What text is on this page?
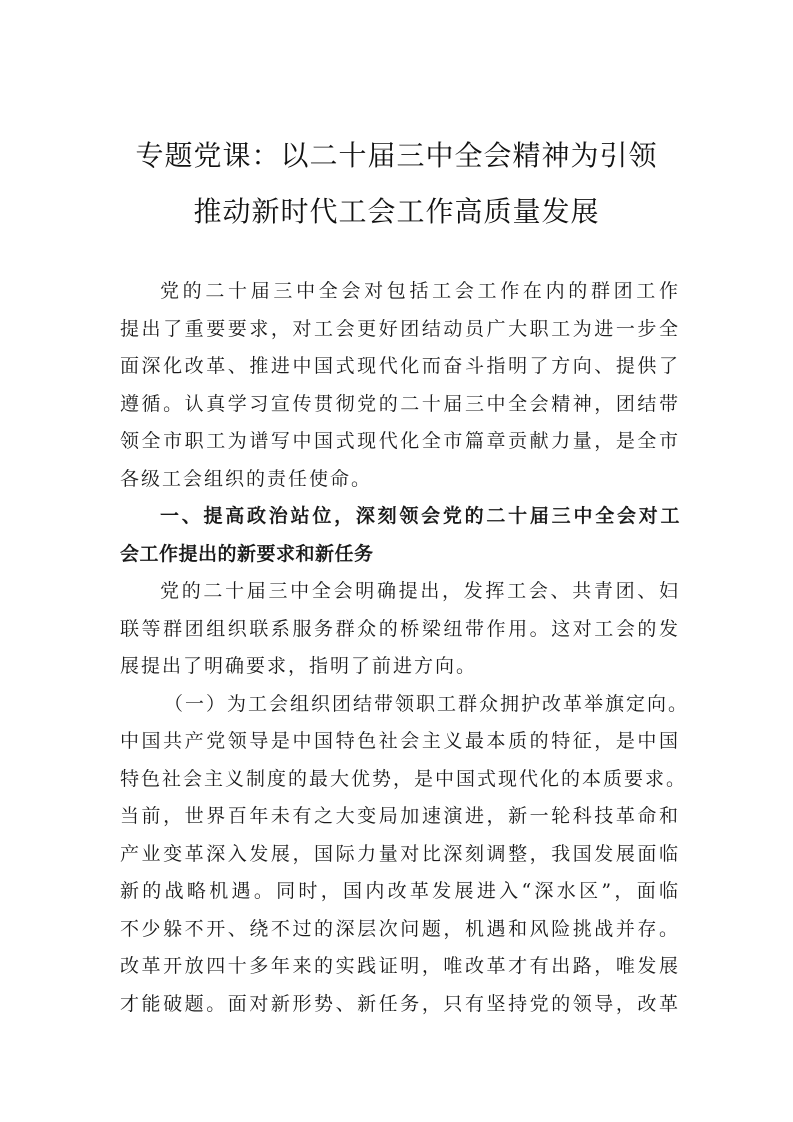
专题党课：以二十届三中全会精神为引领
推动新时代工会工作高质量发展
党的二十届三中全会对包括工会工作在内的群团工作
提出了重要要求，对工会更好团结动员广大职工为进一步全
面深化改革、推进中国式现代化而奋斗指明了方向、提供了
遵循。认真学习宣传贯彻党的二十届三中全会精神，团结带
领全市职工为谱写中国式现代化全市篇章贡献力量，是全市
各级工会组织的责任使命。
一、提高政治站位，深刻领会党的二十届三中全会对工
会工作提出的新要求和新任务
党的二十届三中全会明确提出，发挥工会、共青团、妇
联等群团组织联系服务群众的桥梁纽带作用。这对工会的发
展提出了明确要求，指明了前进方向。
（一）为工会组织团结带领职工群众拥护改革举旗定向。
中国共产党领导是中国特色社会主义最本质的特征，是中国
特色社会主义制度的最大优势，是中国式现代化的本质要求。
当前，世界百年未有之大变局加速演进，新一轮科技革命和
产业变革深入发展，国际力量对比深刻调整，我国发展面临
新的战略机遇。同时，国内改革发展进入“深水区”，面临
不少躲不开、绕不过的深层次问题，机遇和风险挑战并存。
改革开放四十多年来的实践证明，唯改革才有出路，唯发展
才能破题。面对新形势、新任务，只有坚持党的领导，改革
